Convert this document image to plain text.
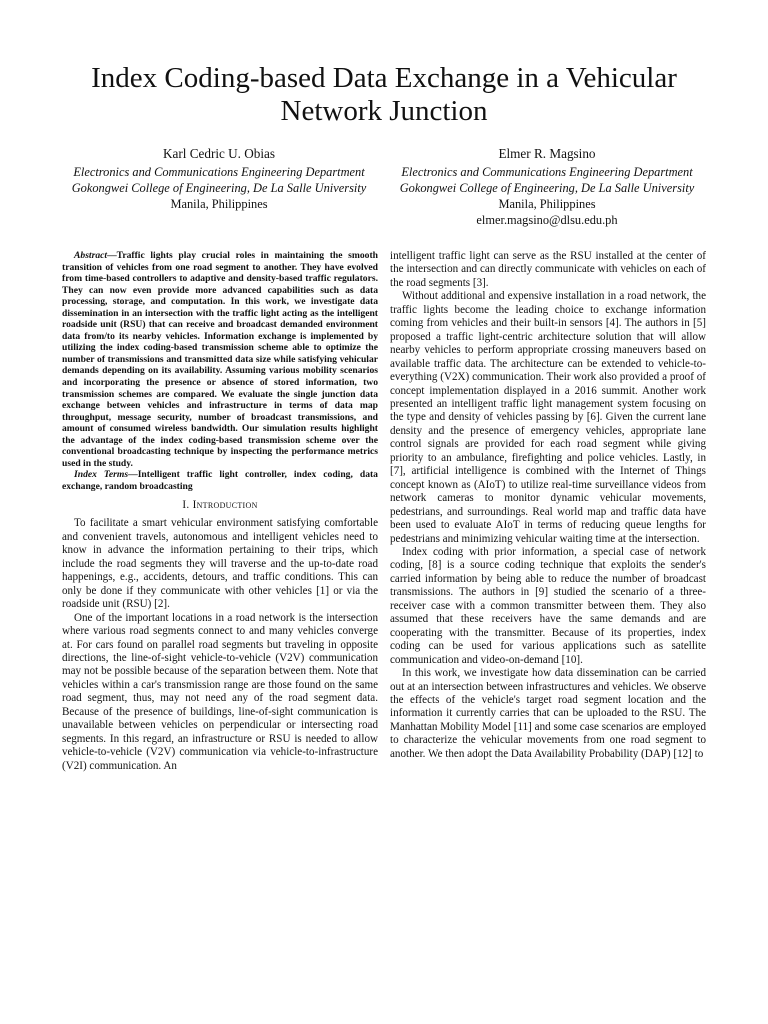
Index Coding-based Data Exchange in a Vehicular Network Junction
Karl Cedric U. Obias
Electronics and Communications Engineering Department
Gokongwei College of Engineering, De La Salle University
Manila, Philippines
Elmer R. Magsino
Electronics and Communications Engineering Department
Gokongwei College of Engineering, De La Salle University
Manila, Philippines
elmer.magsino@dlsu.edu.ph

Abstract—Traffic lights play crucial roles in maintaining the smooth transition of vehicles from one road segment to another. They have evolved from time-based controllers to adaptive and density-based traffic regulators. They can now even provide more advanced capabilities such as data processing, storage, and computation. In this work, we investigate data dissemination in an intersection with the traffic light acting as the intelligent roadside unit (RSU) that can receive and broadcast demanded environment data from/to its nearby vehicles. Information exchange is implemented by utilizing the index coding-based transmission scheme able to optimize the number of transmissions and transmitted data size while satisfying vehicular demands depending on its availability. Assuming various mobility scenarios and incorporating the presence or absence of stored information, two transmission schemes are compared. We evaluate the single junction data exchange between vehicles and infrastructure in terms of data map throughput, message security, number of broadcast transmissions, and amount of consumed wireless bandwidth. Our simulation results highlight the advantage of the index coding-based transmission scheme over the conventional broadcasting technique by inspecting the performance metrics used in the study.

Index Terms—Intelligent traffic light controller, index coding, data exchange, random broadcasting

I. Introduction

To facilitate a smart vehicular environment satisfying comfortable and convenient travels, autonomous and intelligent vehicles need to know in advance the information pertaining to their trips, which include the road segments they will traverse and the up-to-date road happenings, e.g., accidents, detours, and traffic conditions. This can only be done if they communicate with other vehicles [1] or via the roadside unit (RSU) [2].

One of the important locations in a road network is the intersection where various road segments connect to and many vehicles converge at. For cars found on parallel road segments but traveling in opposite directions, the line-of-sight vehicle-to-vehicle (V2V) communication may not be possible because of the separation between them. Note that vehicles within a car's transmission range are those found on the same road segment, thus, may not need any of the road segment data. Because of the presence of buildings, line-of-sight communication is unavailable between vehicles on perpendicular or intersecting road segments. In this regard, an infrastructure or RSU is needed to allow vehicle-to-vehicle (V2V) communication via vehicle-to-infrastructure (V2I) communication. An

intelligent traffic light can serve as the RSU installed at the center of the intersection and can directly communicate with vehicles on each of the road segments [3].

Without additional and expensive installation in a road network, the traffic lights become the leading choice to exchange information coming from vehicles and their built-in sensors [4]. The authors in [5] proposed a traffic light-centric architecture solution that will allow nearby vehicles to perform appropriate crossing maneuvers based on available traffic data. The architecture can be extended to vehicle-to-everything (V2X) communication. Their work also provided a proof of concept implementation displayed in a 2016 summit. Another work presented an intelligent traffic light management system focusing on the type and density of vehicles passing by [6]. Given the current lane density and the presence of emergency vehicles, appropriate lane control signals are provided for each road segment while giving priority to an ambulance, firefighting and police vehicles. Lastly, in [7], artificial intelligence is combined with the Internet of Things concept known as (AIoT) to utilize real-time surveillance videos from network cameras to monitor dynamic vehicular movements, pedestrians, and surroundings. Real world map and traffic data have been used to evaluate AIoT in terms of reducing queue lengths for pedestrians and minimizing vehicular waiting time at the intersection.

Index coding with prior information, a special case of network coding, [8] is a source coding technique that exploits the sender's carried information by being able to reduce the number of broadcast transmissions. The authors in [9] studied the scenario of a three-receiver case with a common transmitter between them. They also assumed that these receivers have the same demands and are cooperating with the transmitter. Because of its properties, index coding can be used for various applications such as satellite communication and video-on-demand [10].

In this work, we investigate how data dissemination can be carried out at an intersection between infrastructures and vehicles. We observe the effects of the vehicle's target road segment location and the information it currently carries that can be uploaded to the RSU. The Manhattan Mobility Model [11] and some case scenarios are employed to characterize the vehicular movements from one road segment to another. We then adopt the Data Availability Probability (DAP) [12] to
